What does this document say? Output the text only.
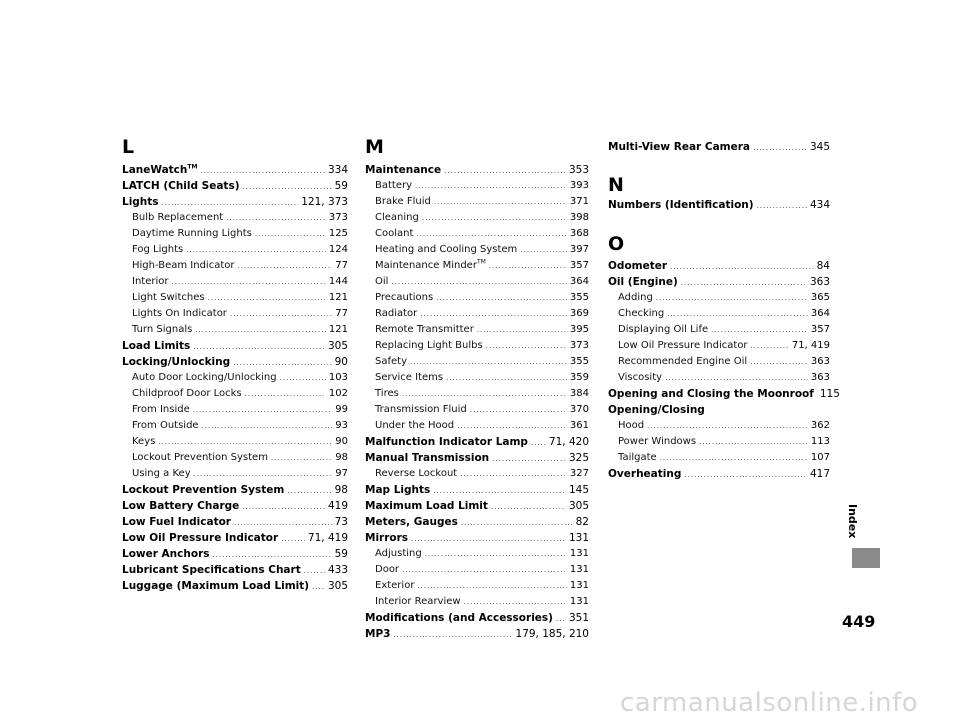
L
LaneWatch™ .....	334
LATCH (Child Seats) .....	59
Lights .....	121, 373
Bulb Replacement .....	373
Daytime Running Lights .....	125
Fog Lights .....	124
High-Beam Indicator .....	77
Interior .....	144
Light Switches .....	121
Lights On Indicator .....	77
Turn Signals .....	121
Load Limits .....	305
Locking/Unlocking .....	90
Auto Door Locking/Unlocking .....	103
Childproof Door Locks .....	102
From Inside .....	99
From Outside .....	93
Keys .....	90
Lockout Prevention System .....	98
Using a Key .....	97
Lockout Prevention System .....	98
Low Battery Charge .....	419
Low Fuel Indicator .....	73
Low Oil Pressure Indicator .....	71, 419
Lower Anchors .....	59
Lubricant Specifications Chart .....	433
Luggage (Maximum Load Limit) ..... 305
M
Maintenance .....	353
Battery .....	393
Brake Fluid .....	371
Cleaning .....	398
Coolant .....	368
Heating and Cooling System .....	397
Maintenance Minder™ .....	357
Oil .....	364
Precautions .....	355
Radiator .....	369
Remote Transmitter .....	395
Replacing Light Bulbs .....	373
Safety .....	355
Service Items .....	359
Tires .....	384
Transmission Fluid .....	370
Under the Hood .....	361
Malfunction Indicator Lamp ..... 71, 420
Manual Transmission .....	325
Reverse Lockout .....	327
Map Lights .....	145
Maximum Load Limit .....	305
Meters, Gauges .....	82
Mirrors .....	131
Adjusting .....	131
Door .....	131
Exterior .....	131
Interior Rearview .....	131
Modifications (and Accessories) ..... 351
MP3 .....	179, 185, 210
Multi-View Rear Camera .....	345
N
Numbers (Identification) .....	434
O
Odometer .....	84
Oil (Engine) .....	363
Adding .....	365
Checking .....	364
Displaying Oil Life .....	357
Low Oil Pressure Indicator .....	71, 419
Recommended Engine Oil .....	363
Viscosity .....	363
Opening and Closing the Moonroof 115
Opening/Closing
Hood .....	362
Power Windows .....	113
Tailgate .....	107
Overheating .....	417
Index
449
carmanualsonline.info
